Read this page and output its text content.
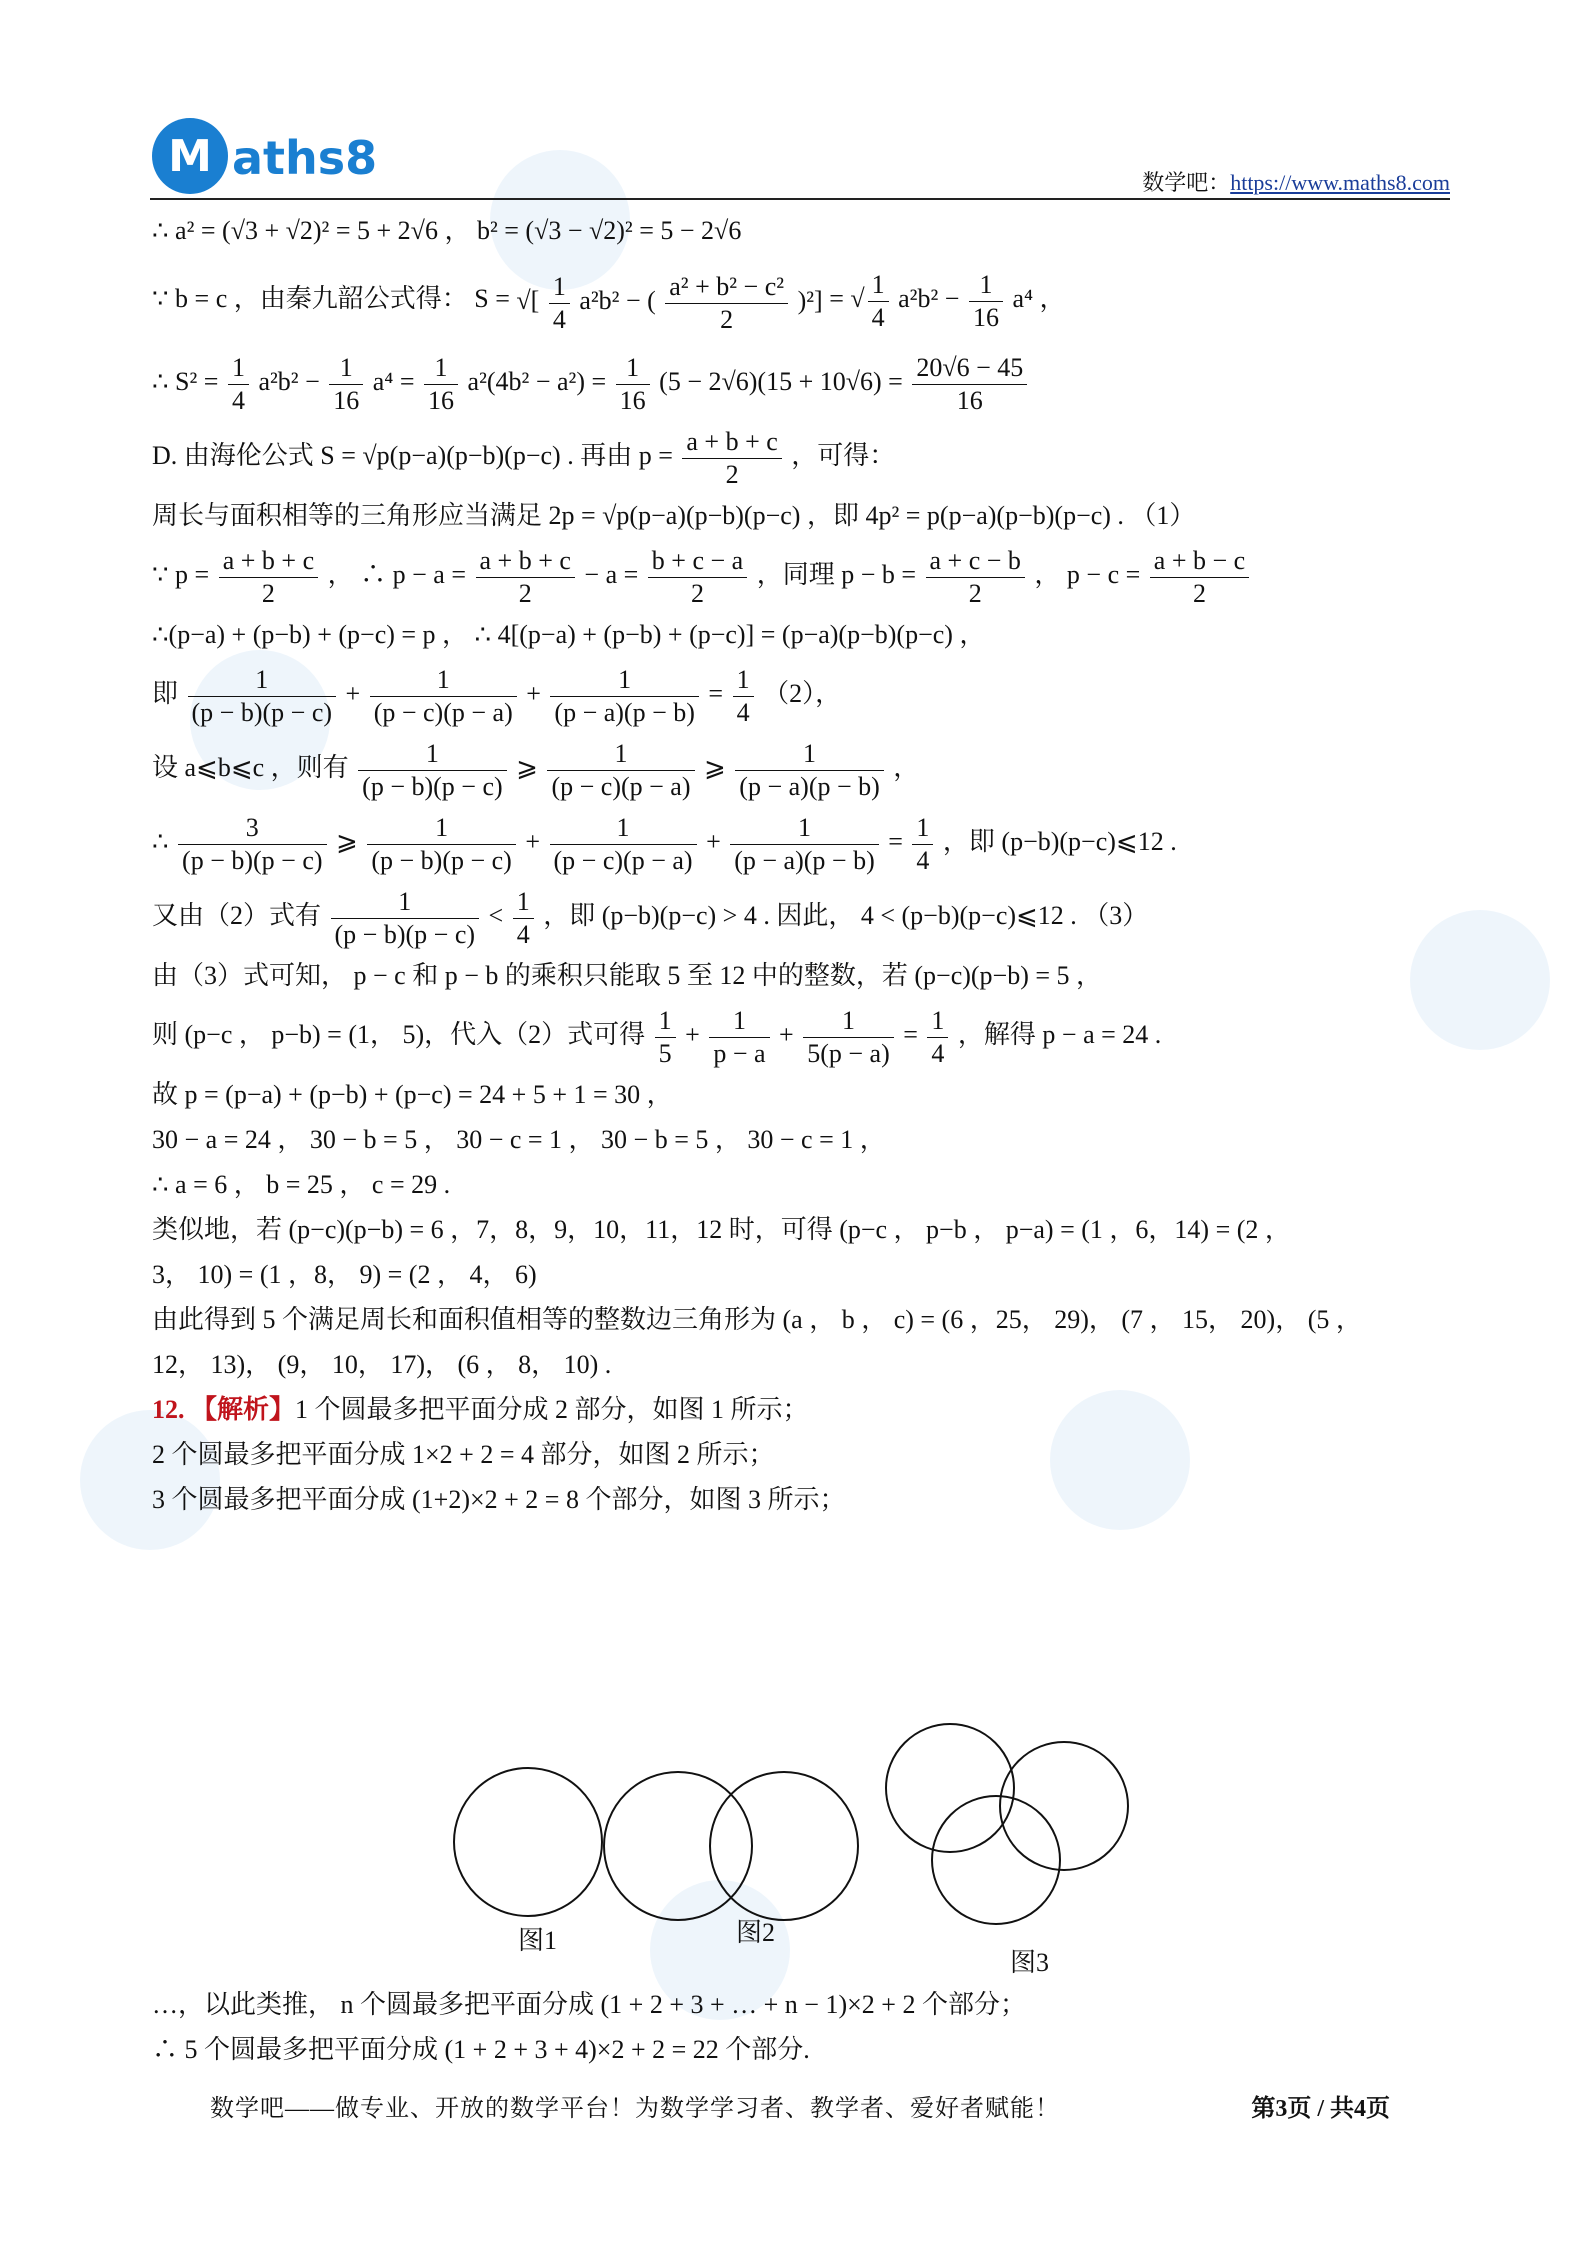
M aths8	数学吧：https://www.maths8.com
∴ a² = (√3 + √2)² = 5 + 2√6 ， b² = (√3 − √2)² = 5 − 2√6
∵ b = c ，由秦九韶公式得： S = √[ $\frac{1}{4} a^2b^2$ − ( $\frac{\text{a² + b² − c²}}{2} )^2$] = √ $\frac{1}{4} a^2b^2 - \frac{1}{16} a^4$ ，
∴ $S^2 = \frac{1}{4} a^2b^2 - \frac{1}{16} a^4 = \frac{1}{16} a^2(4b^2 - a^2) = \frac{1}{16} (5 - 2√6)(15 + 10√6) = \frac{20√6 - 45}{16}$
D. 由海伦公式 S = √p(p−a)(p−b)(p−c) . 再由 $p = \frac{a + b + c}{2}$ ，可得：
周长与面积相等的三角形应当满足 2p = √p(p−a)(p−b)(p−c) ，即 4p² = p(p−a)(p−b)(p−c) . （1）
∵ $p = \frac{a + b + c}{2}$ ， ∴ $p - a = \frac{a + b + c}{2} - a = \frac{b + c - a}{2}$ ，同理 $p - b = \frac{a + c - b}{2}$ ， $p - c = \frac{a + b - c}{2}$
∴(p−a) + (p−b) + (p−c) = p ， ∴ 4[(p−a) + (p−b) + (p−c)] = (p−a)(p−b)(p−c) ，
即 $\frac{1}{(p - b)(p - c)} + \frac{1}{(p - c)(p - a)} + \frac{1}{(p - a)(p - b)} = \frac{1}{4} (2)$，
设 a⩽b⩽c ，则有 $\frac{1}{(p - b)(p - c)}$ ⩾ $\frac{1}{(p - c)(p - a)}$ ⩾ $\frac{1}{(p - a)(p - b)}$ ，
∴ $\frac{3}{(p - b)(p - c)}$ ⩾ $\frac{1}{(p - b)(p - c)} + \frac{1}{(p - c)(p - a)} + \frac{1}{(p - a)(p - b)} = \frac{1}{4}$ ，即 (p−b)(p−c)⩽12 .
又由（2）式有 $\frac{1}{(p - b)(p - c)} < \frac{1}{4}$ ，即 (p−b)(p−c) > 4 . 因此， 4 < (p−b)(p−c)⩽12 . （3）
由（3）式可知， p − c 和 p − b 的乘积只能取 5 至 12 中的整数，若 (p−c)(p−b) = 5 ，
则 (p−c ， p−b) = (1， 5)，代入（2）式可得 $\frac{1}{5} + \frac{1}{p - a} + \frac{1}{5(p - a)} = \frac{1}{4}$ ，解得 p − a = 24 .
故 p = (p−a) + (p−b) + (p−c) = 24 + 5 + 1 = 30 ，
30 − a = 24 ， 30 − b = 5 ， 30 − c = 1 ， 30 − b = 5 ， 30 − c = 1 ，
∴ a = 6 ， b = 25 ， c = 29 .
类似地，若 (p−c)(p−b) = 6 ，7，8，9，10，11，12 时，可得 (p−c ， p−b ， p−a) = (1 ，6，14) = (2 ，
3， 10) = (1 ，8， 9) = (2 ， 4， 6)
由此得到 5 个满足周长和面积值相等的整数边三角形为 (a ， b ， c) = (6 ，25， 29)， (7 ， 15， 20)， (5 ，
12， 13)， (9， 10， 17)， (6 ， 8， 10) .
12. 【解析】1 个圆最多把平面分成 2 部分，如图 1 所示；
2 个圆最多把平面分成 1×2 + 2 = 4 部分，如图 2 所示；
3 个圆最多把平面分成 (1+2)×2 + 2 = 8 个部分，如图 3 所示；
图1	图2
图3
…，以此类推， n 个圆最多把平面分成 (1 + 2 + 3 + … + n − 1)×2 + 2 个部分；
∴ 5 个圆最多把平面分成 (1 + 2 + 3 + 4)×2 + 2 = 22 个部分.
数学吧——做专业、开放的数学平台！为数学学习者、教学者、爱好者赋能！	第3页 / 共4页
